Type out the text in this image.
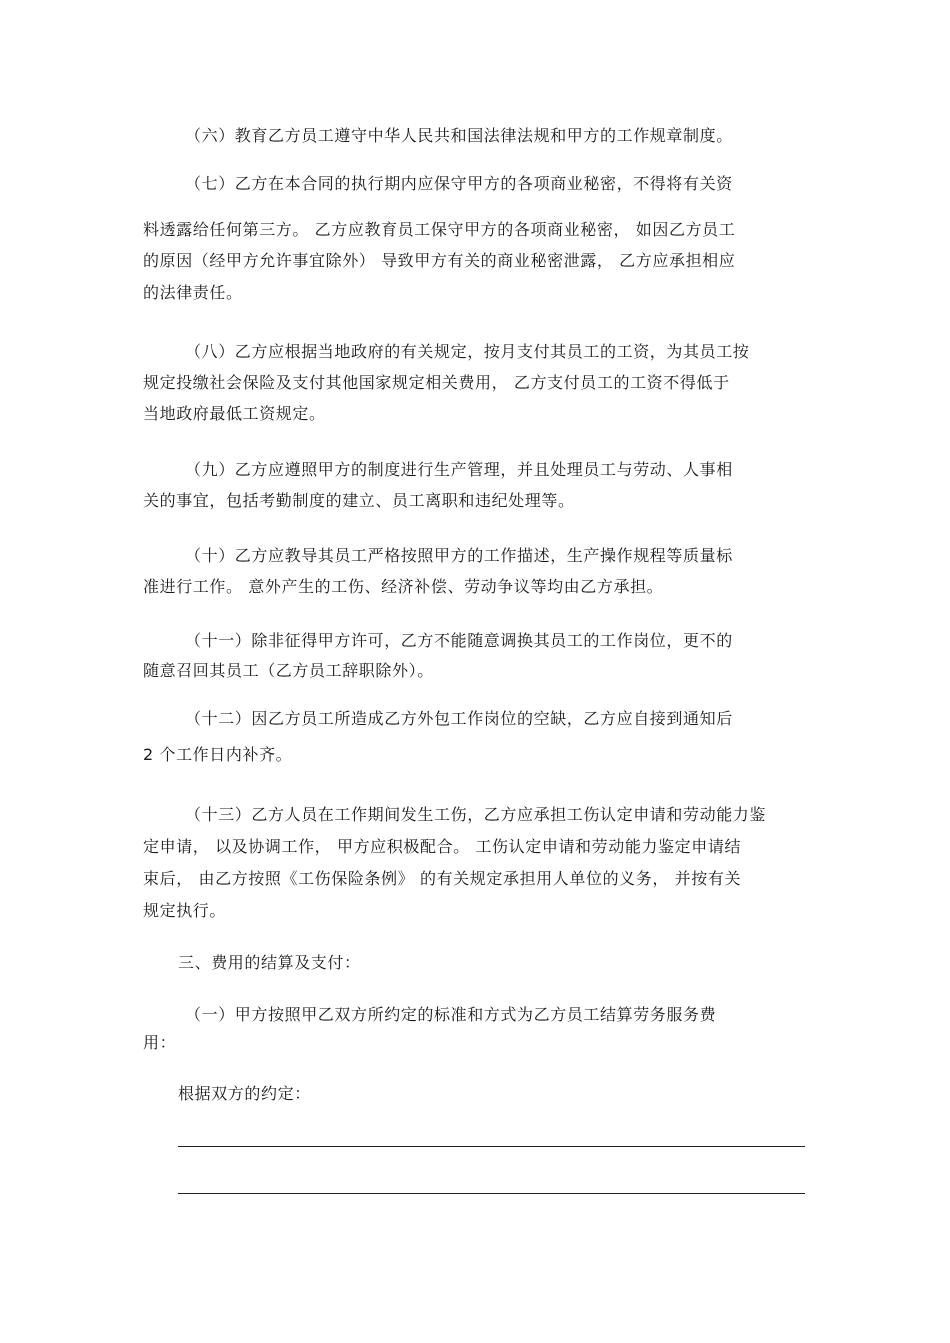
（六）教育乙方员工遵守中华人民共和国法律法规和甲方的工作规章制度。
（七）乙方在本合同的执行期内应保守甲方的各项商业秘密，不得将有关资
料透露给任何第三方。 乙方应教育员工保守甲方的各项商业秘密， 如因乙方员工
的原因（经甲方允许事宜除外） 导致甲方有关的商业秘密泄露， 乙方应承担相应
的法律责任。
（八）乙方应根据当地政府的有关规定，按月支付其员工的工资，为其员工按
规定投缴社会保险及支付其他国家规定相关费用， 乙方支付员工的工资不得低于
当地政府最低工资规定。
（九）乙方应遵照甲方的制度进行生产管理，并且处理员工与劳动、人事相
关的事宜，包括考勤制度的建立、员工离职和违纪处理等。
（十）乙方应教导其员工严格按照甲方的工作描述，生产操作规程等质量标
准进行工作。 意外产生的工伤、经济补偿、劳动争议等均由乙方承担。
（十一）除非征得甲方许可，乙方不能随意调换其员工的工作岗位，更不的
随意召回其员工（乙方员工辞职除外）。
（十二）因乙方员工所造成乙方外包工作岗位的空缺，乙方应自接到通知后
2 个工作日内补齐。
（十三）乙方人员在工作期间发生工伤，乙方应承担工伤认定申请和劳动能力鉴
定申请， 以及协调工作， 甲方应积极配合。 工伤认定申请和劳动能力鉴定申请结
束后， 由乙方按照《工伤保险条例》 的有关规定承担用人单位的义务， 并按有关
规定执行。
三、费用的结算及支付：
（一）甲方按照甲乙双方所约定的标准和方式为乙方员工结算劳务服务费
用：
根据双方的约定：
